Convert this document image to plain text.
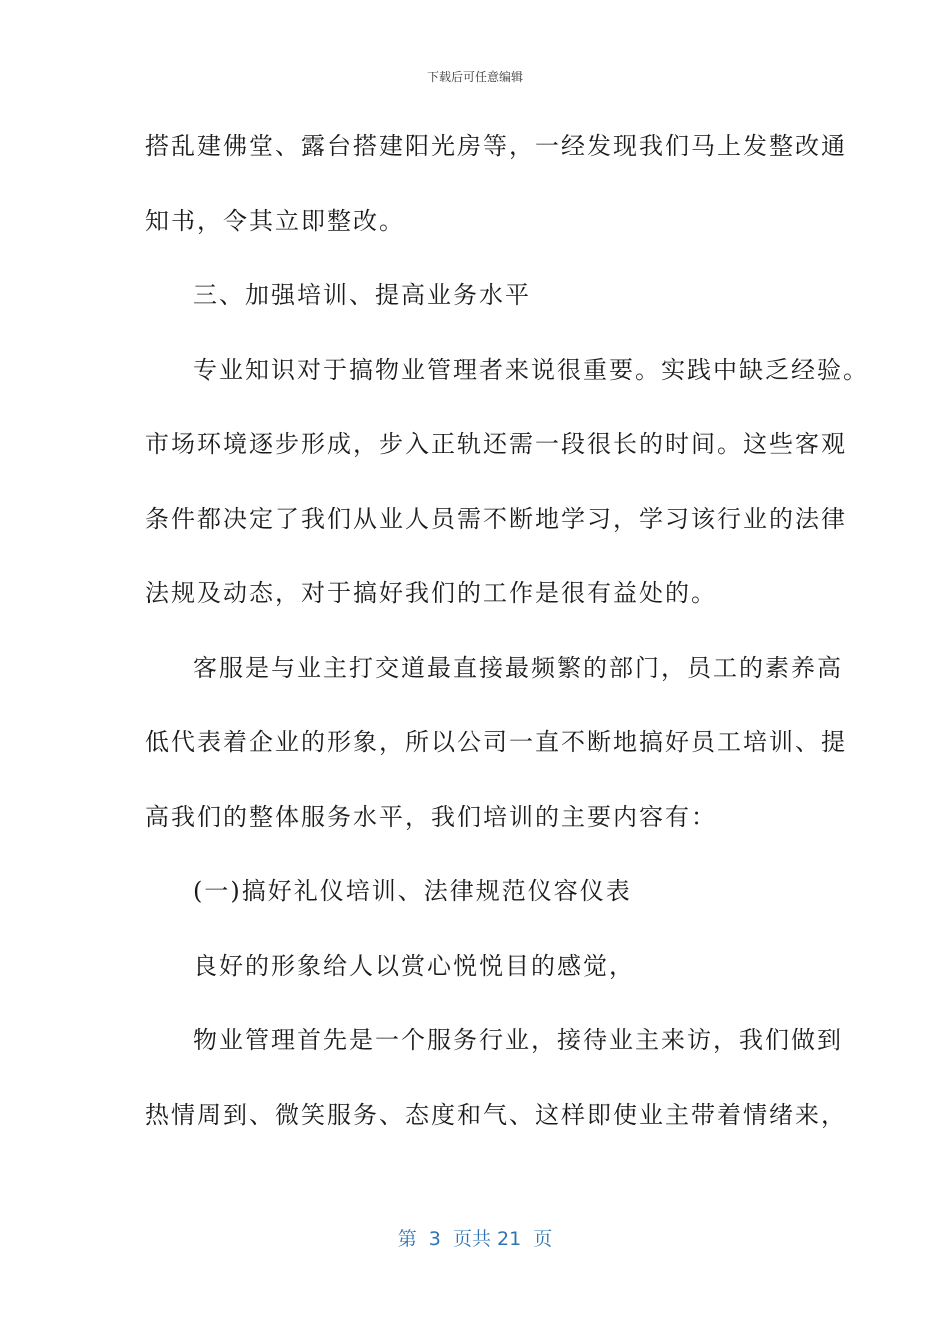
下载后可任意编辑
搭乱建佛堂、露台搭建阳光房等，一经发现我们马上发整改通
知书，令其立即整改。
三、加强培训、提高业务水平
专业知识对于搞物业管理者来说很重要。实践中缺乏经验。
市场环境逐步形成，步入正轨还需一段很长的时间。这些客观
条件都决定了我们从业人员需不断地学习，学习该行业的法律
法规及动态，对于搞好我们的工作是很有益处的。
客服是与业主打交道最直接最频繁的部门，员工的素养高
低代表着企业的形象，所以公司一直不断地搞好员工培训、提
高我们的整体服务水平，我们培训的主要内容有：
(一)搞好礼仪培训、法律规范仪容仪表
良好的形象给人以赏心悦悦目的感觉，
物业管理首先是一个服务行业，接待业主来访，我们做到
热情周到、微笑服务、态度和气、这样即使业主带着情绪来，
第  3  页共 21  页
